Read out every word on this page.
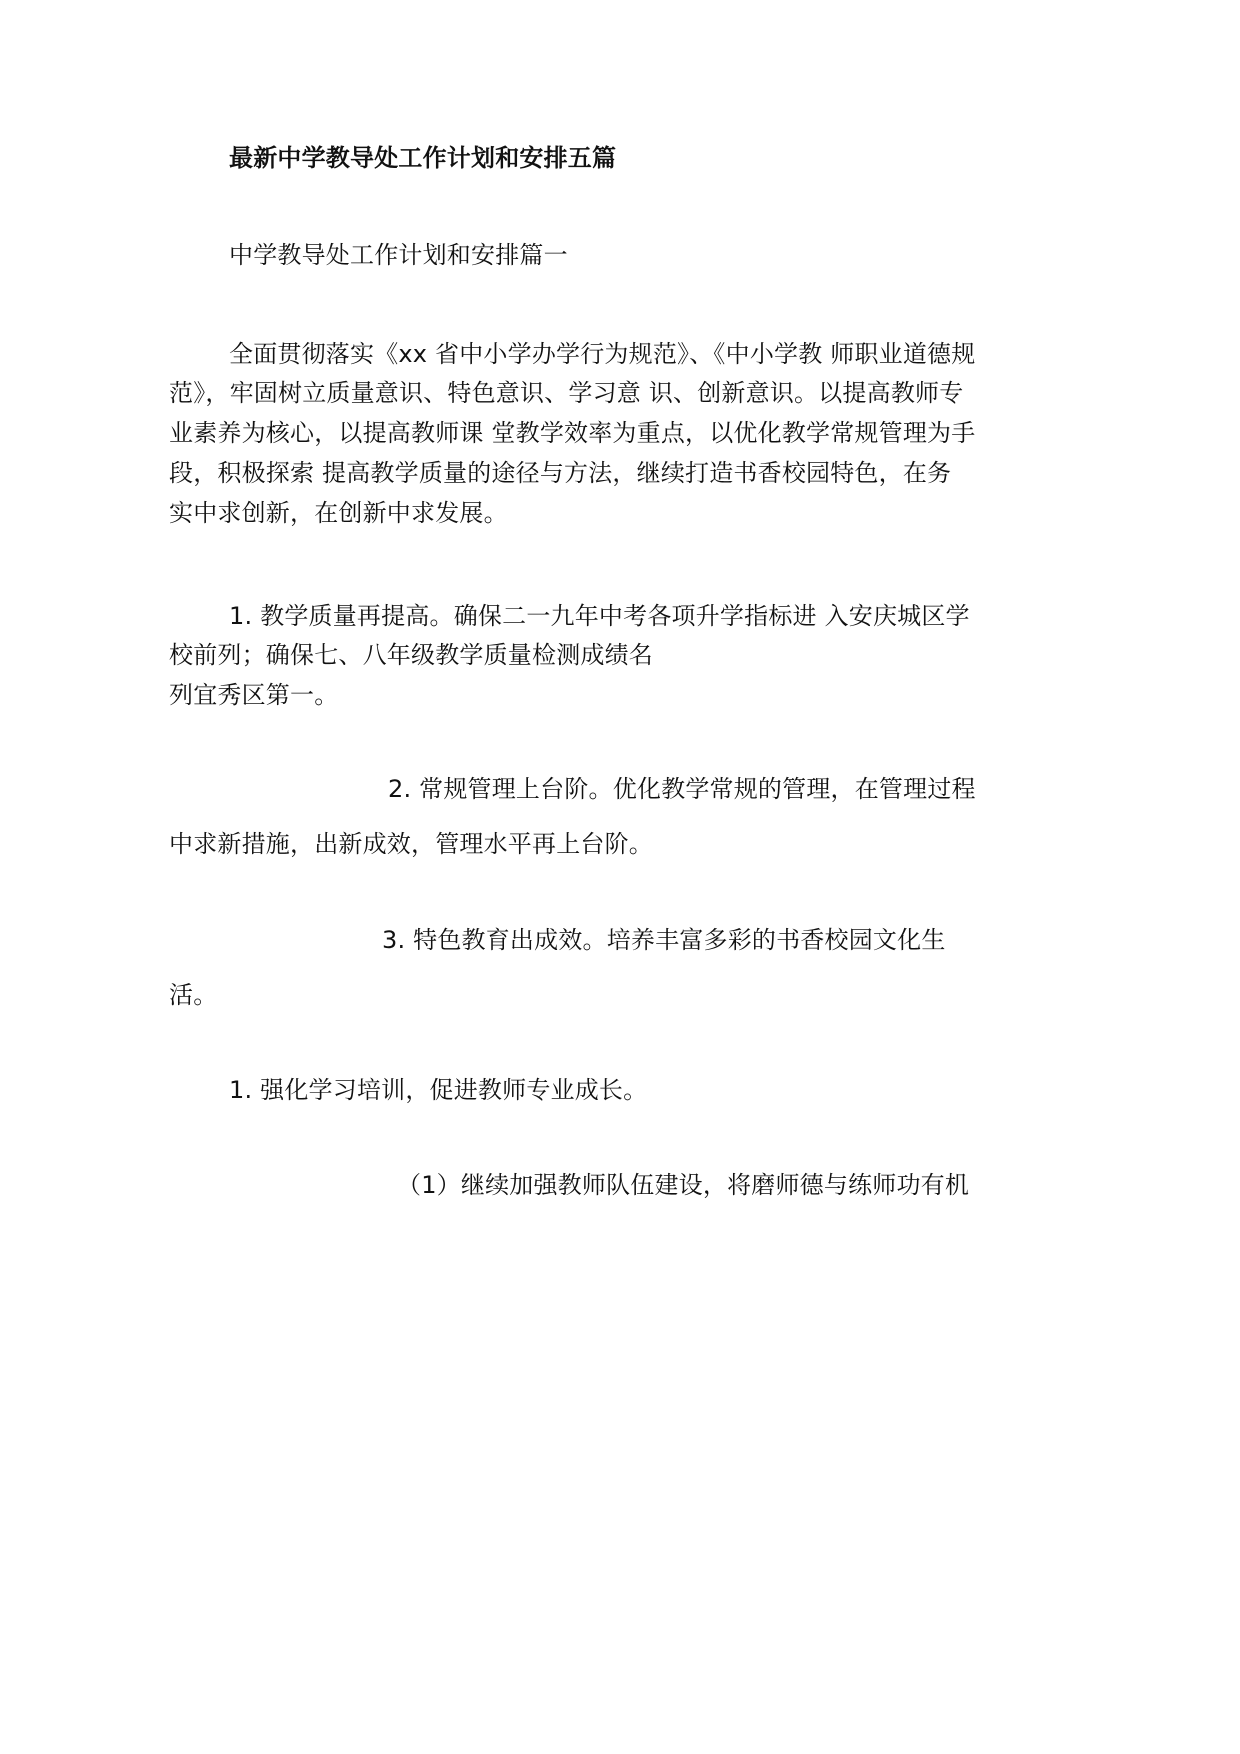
最新中学教导处工作计划和安排五篇
中学教导处工作计划和安排篇一
全面贯彻落实《xx 省中小学办学行为规范》、《中小学教 师职业道德规
范》，牢固树立质量意识、特色意识、学习意 识、创新意识。以提高教师专
业素养为核心，以提高教师课 堂教学效率为重点，以优化教学常规管理为手
段，积极探索 提高教学质量的途径与方法，继续打造书香校园特色，在务
实中求创新，在创新中求发展。
1. 教学质量再提高。确保二一九年中考各项升学指标进 入安庆城区学
校前列；确保七、八年级教学质量检测成绩名
列宜秀区第一。
2. 常规管理上台阶。优化教学常规的管理，在管理过程
中求新措施，出新成效，管理水平再上台阶。
3. 特色教育出成效。培养丰富多彩的书香校园文化生
活。
1. 强化学习培训，促进教师专业成长。
（1）继续加强教师队伍建设，将磨师德与练师功有机
